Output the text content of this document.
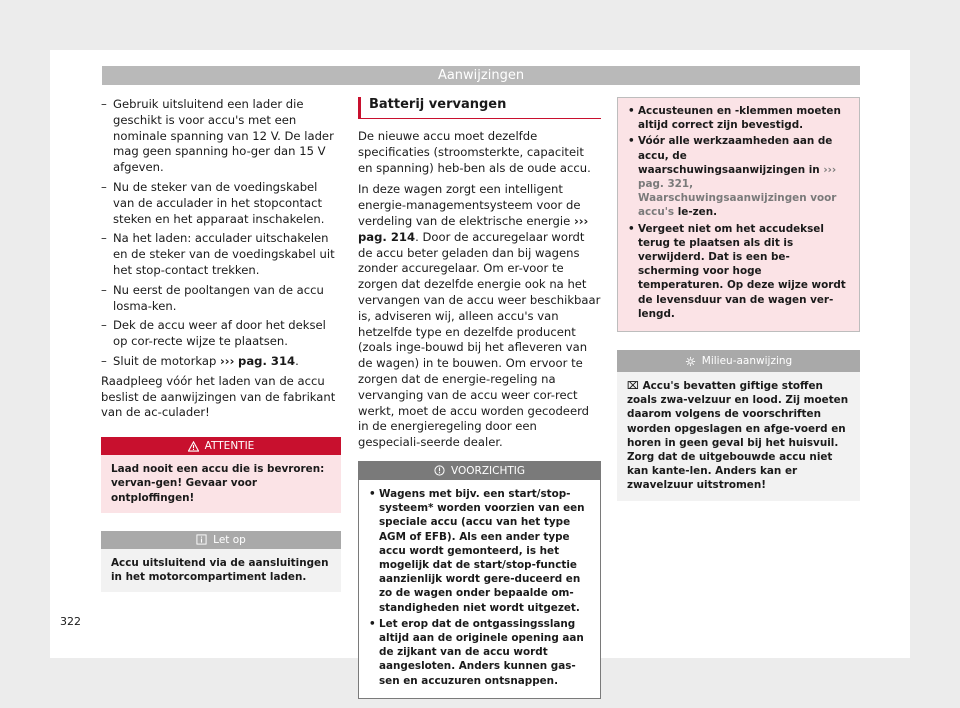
Aanwijzingen
– Gebruik uitsluitend een lader die geschikt is voor accu's met een nominale spanning van 12 V. De lader mag geen spanning ho-ger dan 15 V afgeven.
– Nu de steker van de voedingskabel van de acculader in het stopcontact steken en het apparaat inschakelen.
– Na het laden: acculader uitschakelen en de steker van de voedingskabel uit het stop-contact trekken.
– Nu eerst de pooltangen van de accu losma-ken.
– Dek de accu weer af door het deksel op cor-recte wijze te plaatsen.
– Sluit de motorkap ››› pag. 314.

Raadpleeg vóór het laden van de accu beslist de aanwijzingen van de fabrikant van de ac-culader!

ATTENTIE
Laad nooit een accu die is bevroren: vervan-gen! Gevaar voor ontploffingen!
Let op
Accu uitsluitend via de aansluitingen in het motorcompartiment laden.
Batterij vervangen

De nieuwe accu moet dezelfde specificaties (stroomsterkte, capaciteit en spanning) heb-ben als de oude accu.

In deze wagen zorgt een intelligent energie-managementsysteem voor de verdeling van de elektrische energie ››› pag. 214. Door de accuregelaar wordt de accu beter geladen dan bij wagens zonder accuregelaar. Om er-voor te zorgen dat dezelfde energie ook na het vervangen van de accu weer beschikbaar is, adviseren wij, alleen accu's van hetzelfde type en dezelfde producent (zoals inge-bouwd bij het afleveren van de wagen) in te bouwen. Om ervoor te zorgen dat de energie-regeling na vervanging van de accu weer cor-rect werkt, moet de accu worden gecodeerd in de energieregeling door een gespeciali-seerde dealer.

VOORZICHTIG
• Wagens met bijv. een start/stop-systeem* worden voorzien van een speciale accu (accu van het type AGM of EFB). Als een ander type accu wordt gemonteerd, is het mogelijk dat de start/stop-functie aanzienlijk wordt gere-duceerd en zo de wagen onder bepaalde om-standigheden niet wordt uitgezet.
• Let erop dat de ontgassingsslang altijd aan de originele opening aan de zijkant van de accu wordt aangesloten. Anders kunnen gas-sen en accuzuren ontsnappen.
• Accusteunen en -klemmen moeten altijd correct zijn bevestigd.
• Vóór alle werkzaamheden aan de accu, de waarschuwingsaanwijzingen in ››› pag. 321, Waarschuwingsaanwijzingen voor accu's le-zen.
• Vergeet niet om het accudeksel terug te plaatsen als dit is verwijderd. Dat is een be-scherming voor hoge temperaturen. Op deze wijze wordt de levensduur van de wagen ver-lengd.
Milieu-aanwijzing
⌧ Accu's bevatten giftige stoffen zoals zwa-velzuur en lood. Zij moeten daarom volgens de voorschriften worden opgeslagen en afge-voerd en horen in geen geval bij het huisvuil. Zorg dat de uitgebouwde accu niet kan kante-len. Anders kan er zwavelzuur uitstromen!
322
